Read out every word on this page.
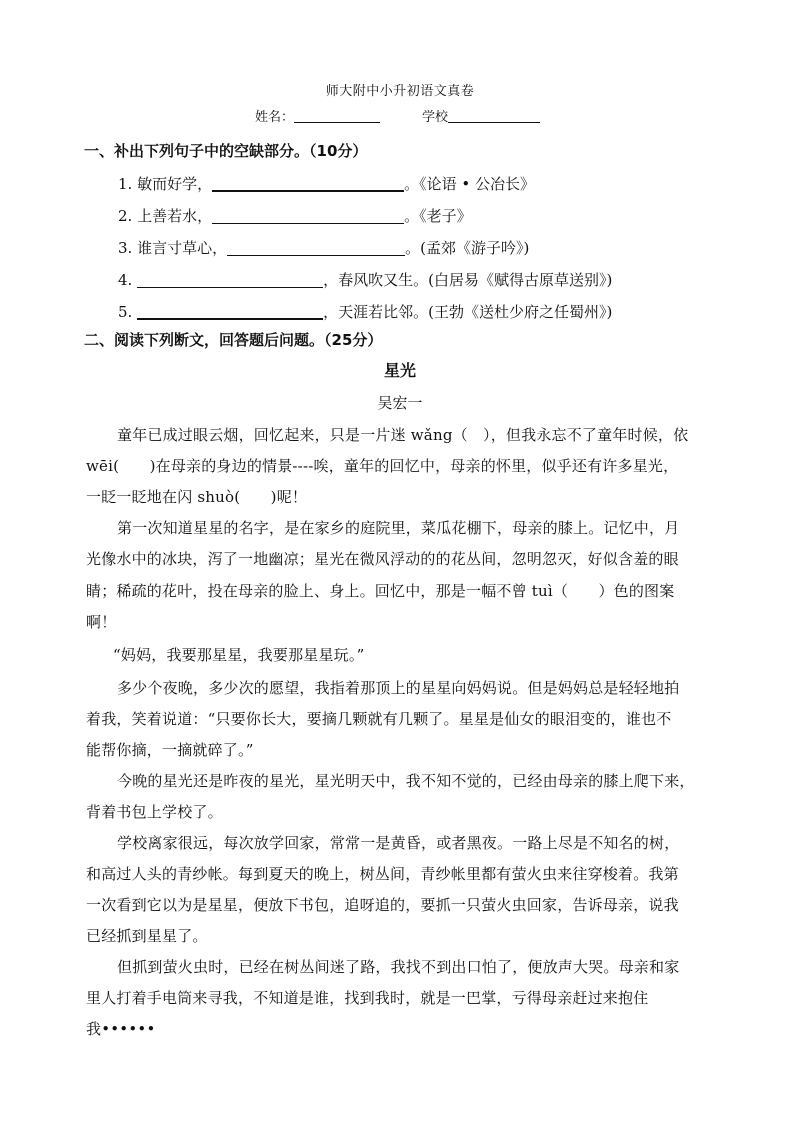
师大附中小升初语文真卷
姓名：	学校
一、补出下列句子中的空缺部分。（10分）
1. 敏而好学，	。《论语 • 公冶长》
2. 上善若水，	。《老子》
3. 谁言寸草心，	。(孟郊《游子吟》)
4.	，春风吹又生。(白居易《赋得古原草送别》)
5.	，天涯若比邻。(王勃《送杜少府之任蜀州》)
二、阅读下列断文，回答题后问题。（25分）
星光
吴宏一
童年已成过眼云烟，回忆起来，只是一片迷 wǎng（　），但我永忘不了童年时候，依
wēi(　　)在母亲的身边的情景----唉，童年的回忆中，母亲的怀里，似乎还有许多星光，
一眨一眨地在闪 shuò(　　)呢！
第一次知道星星的名字，是在家乡的庭院里，菜瓜花棚下，母亲的膝上。记忆中，月
光像水中的冰块，泻了一地幽凉；星光在微风浮动的的花丛间，忽明忽灭，好似含羞的眼
睛；稀疏的花叶，投在母亲的脸上、身上。回忆中，那是一幅不曾 tuì（　　）色的图案
啊！
“妈妈，我要那星星，我要那星星玩。”
多少个夜晚，多少次的愿望，我指着那顶上的星星向妈妈说。但是妈妈总是轻轻地拍
着我，笑着说道：“只要你长大，要摘几颗就有几颗了。星星是仙女的眼泪变的，谁也不
能帮你摘，一摘就碎了。”
今晚的星光还是昨夜的星光，星光明天中，我不知不觉的，已经由母亲的膝上爬下来，
背着书包上学校了。
学校离家很远，每次放学回家，常常一是黄昏，或者黑夜。一路上尽是不知名的树，
和高过人头的青纱帐。每到夏天的晚上，树丛间，青纱帐里都有萤火虫来往穿梭着。我第
一次看到它以为是星星，便放下书包，追呀追的，要抓一只萤火虫回家，告诉母亲，说我
已经抓到星星了。
但抓到萤火虫时，已经在树丛间迷了路，我找不到出口怕了，便放声大哭。母亲和家
里人打着手电筒来寻我，不知道是谁，找到我时，就是一巴掌，亏得母亲赶过来抱住
我••••••
